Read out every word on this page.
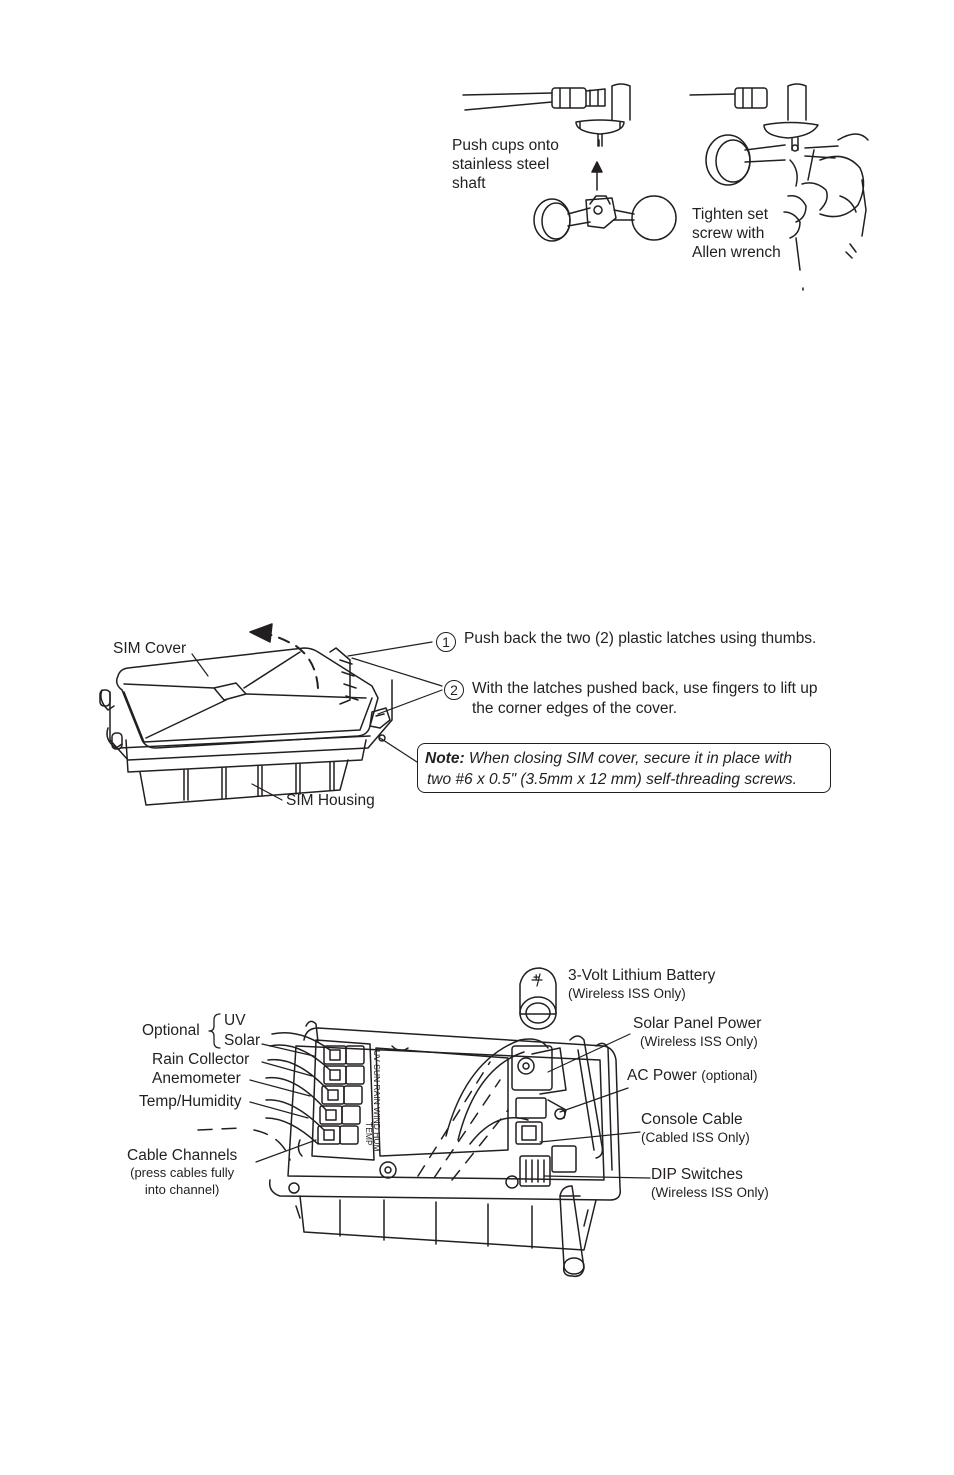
Push cups onto
stainless steel
shaft
Tighten set
screw with
Allen wrench
SIM Cover
SIM Housing
1 Push back the two (2) plastic latches using thumbs.
2 With the latches pushed back, use fingers to lift up
the corner edges of the cover.
Note: When closing SIM cover, secure it in place with
two #6 x 0.5" (3.5mm x 12 mm) self-threading screws.
UV SUN RAIN WIND HUM
TEMP
+
Optional
UV
Solar
Rain Collector
Anemometer
Temp/Humidity
Cable Channels
(press cables fully
into channel)
3-Volt Lithium Battery
(Wireless ISS Only)
Solar Panel Power
(Wireless ISS Only)
AC Power (optional)
Console Cable
(Cabled ISS Only)
DIP Switches
(Wireless ISS Only)
